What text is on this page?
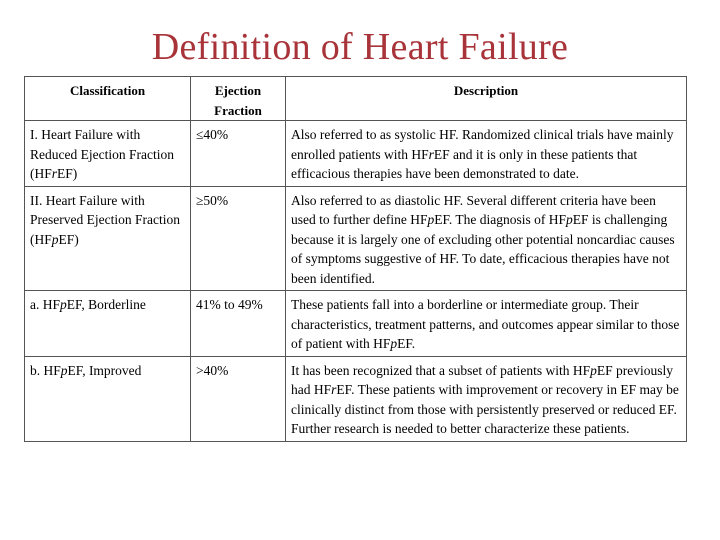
Definition of Heart Failure
Classification	Ejection Fraction	Description
I. Heart Failure with Reduced Ejection Fraction (HFrEF)	≤40%	Also referred to as systolic HF. Randomized clinical trials have mainly enrolled patients with HFrEF and it is only in these patients that efficacious therapies have been demonstrated to date.
II. Heart Failure with Preserved Ejection Fraction (HFpEF)	≥50%	Also referred to as diastolic HF. Several different criteria have been used to further define HFpEF. The diagnosis of HFpEF is challenging because it is largely one of excluding other potential noncardiac causes of symptoms suggestive of HF. To date, efficacious therapies have not been identified.
a. HFpEF, Borderline	41% to 49%	These patients fall into a borderline or intermediate group. Their characteristics, treatment patterns, and outcomes appear similar to those of patient with HFpEF.
b. HFpEF, Improved	>40%	It has been recognized that a subset of patients with HFpEF previously had HFrEF. These patients with improvement or recovery in EF may be clinically distinct from those with persistently preserved or reduced EF. Further research is needed to better characterize these patients.
